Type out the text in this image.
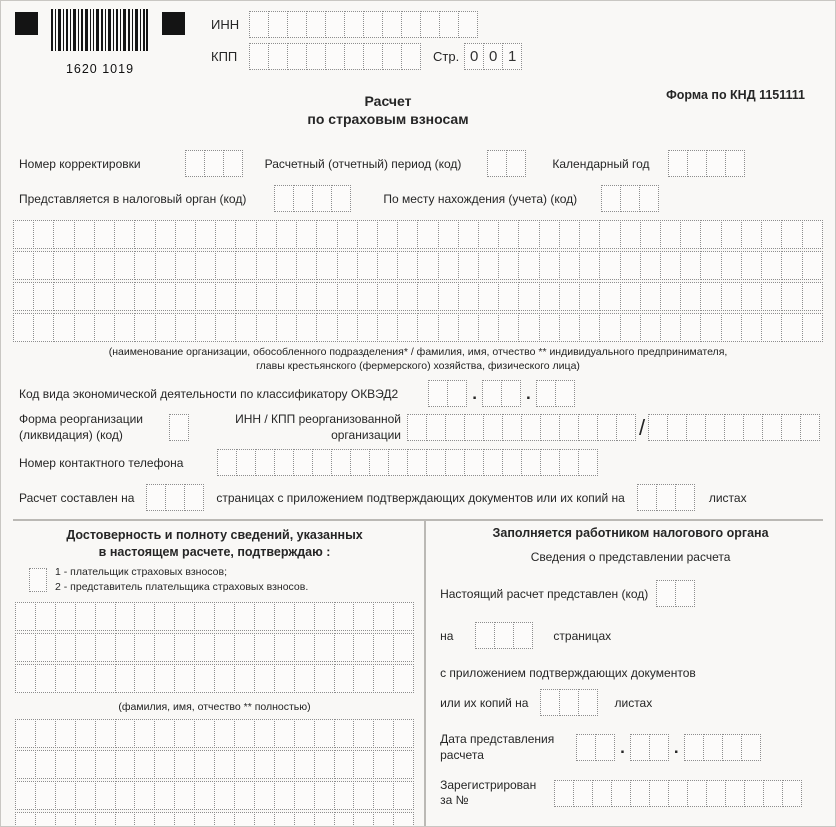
1620 1019
ИНН
КПП	Стр. 0 0 1
Форма по КНД 1151111
Расчет
по страховым взносам
Номер корректировки	Расчетный (отчетный) период (код)	Календарный год
Представляется в налоговый орган (код)	По месту нахождения (учета) (код)
(наименование организации, обособленного подразделения* / фамилия, имя, отчество ** индивидуального предпринимателя,
главы крестьянского (фермерского) хозяйства, физического лица)
Код вида экономической деятельности по классификатору ОКВЭД2	.	.
Форма реорганизации
(ликвидация) (код)
ИНН / КПП реорганизованной
организации	/
Номер контактного телефона
Расчет составлен на	страницах с приложением подтверждающих документов или их копий на	листах
Достоверность и полноту сведений, указанных
в настоящем расчете, подтверждаю :
1 - плательщик страховых взносов;
2 - представитель плательщика страховых взносов.
(фамилия, имя, отчество ** полностью)
Заполняется работником налогового органа
Сведения о представлении расчета
Настоящий расчет представлен (код)
на	страницах
с приложением подтверждающих документов
или их копий на	листах
Дата представления
расчета	.	.
Зарегистрирован
за №
